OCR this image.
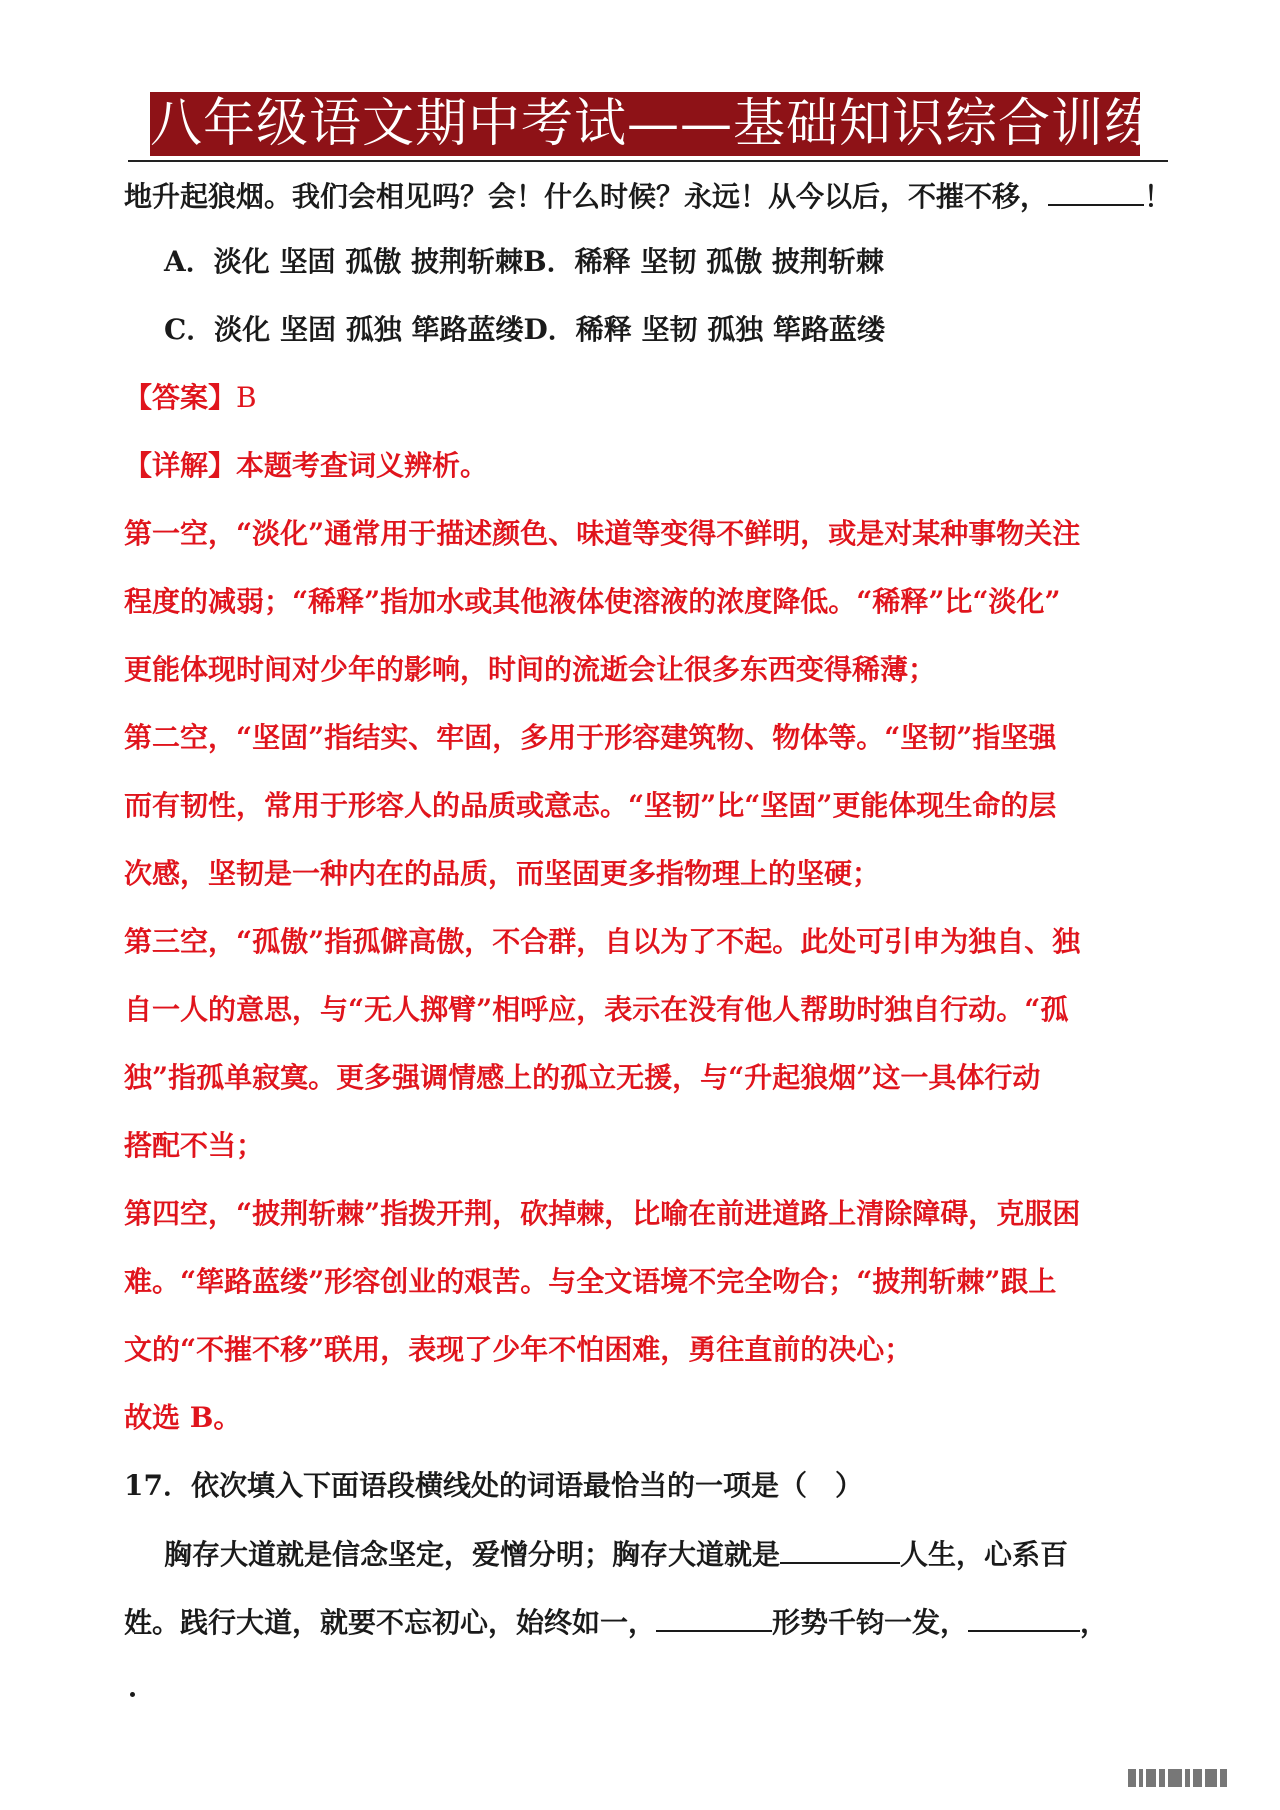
八年级语文期中考试——基础知识综合训练
地升起狼烟。我们会相见吗？会！什么时候？永远！从今以后，不摧不移，	！
A．淡化 坚固 孤傲 披荆斩棘B．稀释 坚韧 孤傲 披荆斩棘
C．淡化 坚固 孤独 筚路蓝缕D．稀释 坚韧 孤独 筚路蓝缕
【答案】B
【详解】本题考查词义辨析。
第一空，“淡化”通常用于描述颜色、味道等变得不鲜明，或是对某种事物关注
程度的减弱；“稀释”指加水或其他液体使溶液的浓度降低。“稀释”比“淡化”
更能体现时间对少年的影响，时间的流逝会让很多东西变得稀薄；
第二空，“坚固”指结实、牢固，多用于形容建筑物、物体等。“坚韧”指坚强
而有韧性，常用于形容人的品质或意志。“坚韧”比“坚固”更能体现生命的层
次感，坚韧是一种内在的品质，而坚固更多指物理上的坚硬；
第三空，“孤傲”指孤僻高傲，不合群，自以为了不起。此处可引申为独自、独
自一人的意思，与“无人掷臂”相呼应，表示在没有他人帮助时独自行动。“孤
独”指孤单寂寞。更多强调情感上的孤立无援，与“升起狼烟”这一具体行动
搭配不当；
第四空，“披荆斩棘”指拨开荆，砍掉棘，比喻在前进道路上清除障碍，克服困
难。“筚路蓝缕”形容创业的艰苦。与全文语境不完全吻合；“披荆斩棘”跟上
文的“不摧不移”联用，表现了少年不怕困难，勇往直前的决心；
故选 B。
17．依次填入下面语段横线处的词语最恰当的一项是（　）
胸存大道就是信念坚定，爱憎分明；胸存大道就是	人生，心系百
姓。践行大道，就要不忘初心，始终如一，	形势千钧一发，	，
